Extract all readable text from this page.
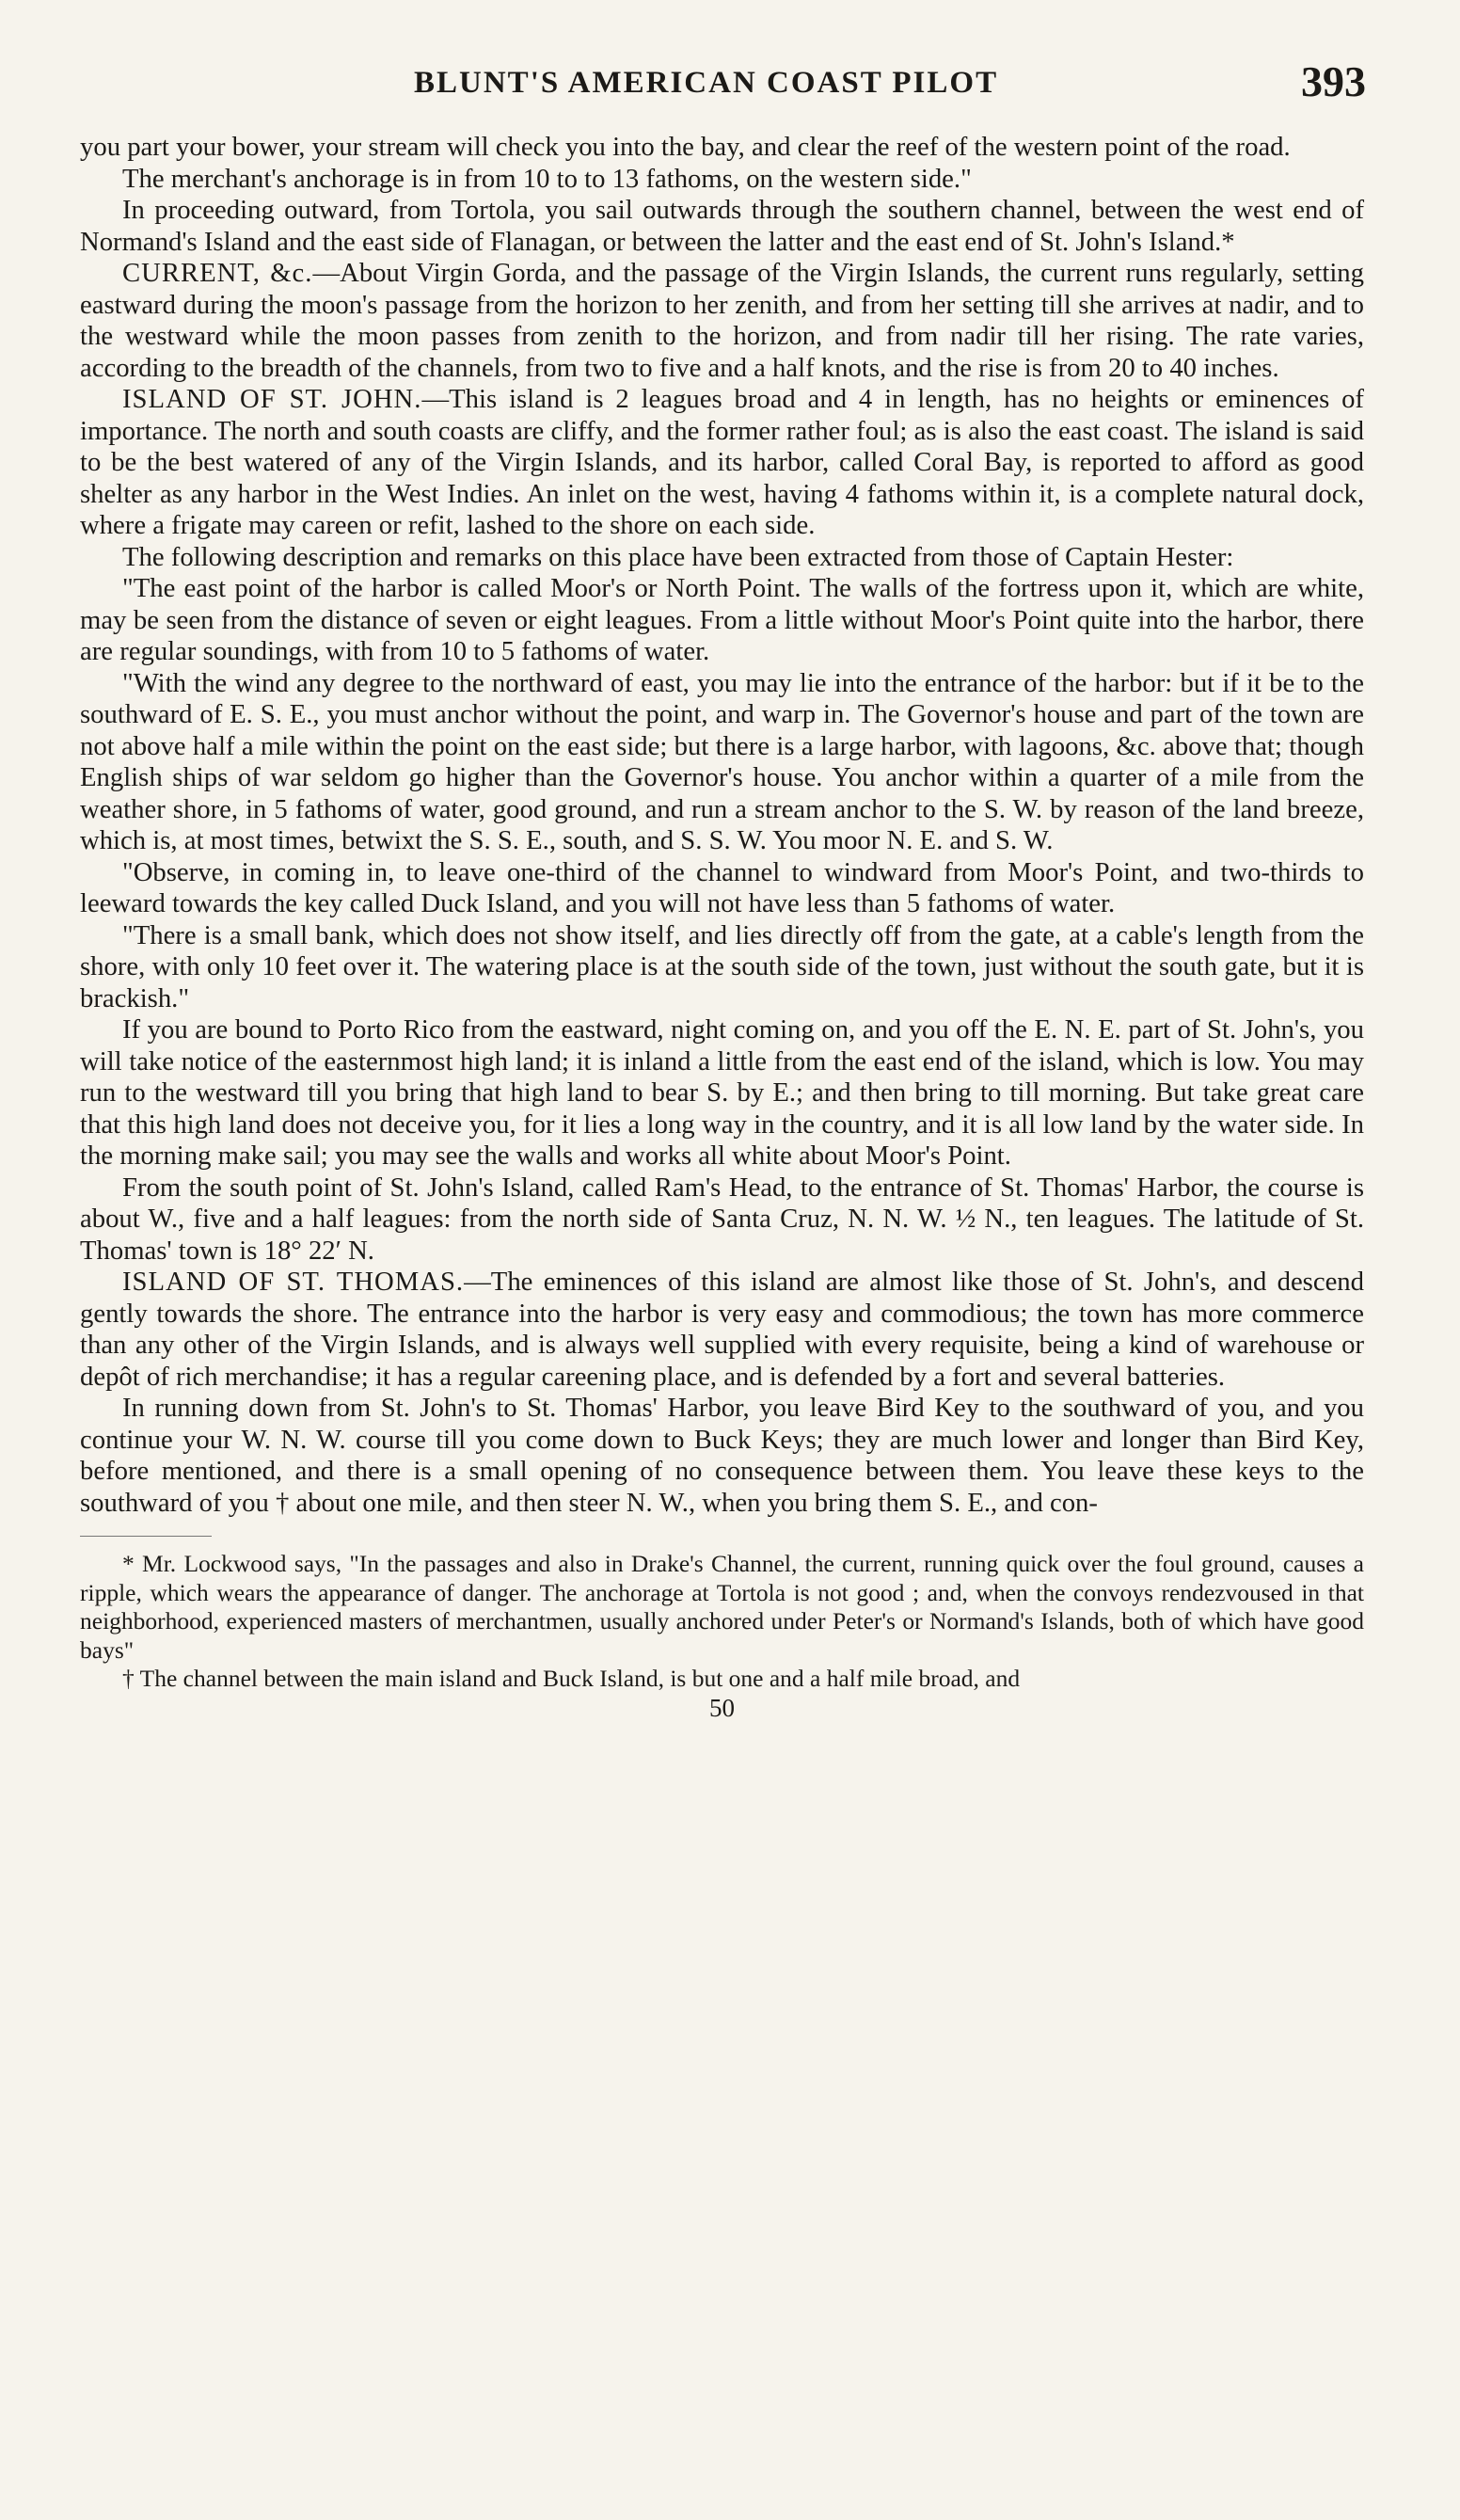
BLUNT'S AMERICAN COAST PILOT	393

you part your bower, your stream will check you into the bay, and clear the reef of the western point of the road.

The merchant's anchorage is in from 10 to to 13 fathoms, on the western side."

In proceeding outward, from Tortola, you sail outwards through the southern channel, between the west end of Normand's Island and the east side of Flanagan, or between the latter and the east end of St. John's Island.*

CURRENT, &c.—About Virgin Gorda, and the passage of the Virgin Islands, the current runs regularly, setting eastward during the moon's passage from the horizon to her zenith, and from her setting till she arrives at nadir, and to the westward while the moon passes from zenith to the horizon, and from nadir till her rising. The rate varies, according to the breadth of the channels, from two to five and a half knots, and the rise is from 20 to 40 inches.

ISLAND OF ST. JOHN.—This island is 2 leagues broad and 4 in length, has no heights or eminences of importance. The north and south coasts are cliffy, and the former rather foul; as is also the east coast. The island is said to be the best watered of any of the Virgin Islands, and its harbor, called Coral Bay, is reported to afford as good shelter as any harbor in the West Indies. An inlet on the west, having 4 fathoms within it, is a complete natural dock, where a frigate may careen or refit, lashed to the shore on each side.

The following description and remarks on this place have been extracted from those of Captain Hester:

"The east point of the harbor is called Moor's or North Point. The walls of the fortress upon it, which are white, may be seen from the distance of seven or eight leagues. From a little without Moor's Point quite into the harbor, there are regular soundings, with from 10 to 5 fathoms of water.

"With the wind any degree to the northward of east, you may lie into the entrance of the harbor: but if it be to the southward of E. S. E., you must anchor without the point, and warp in. The Governor's house and part of the town are not above half a mile within the point on the east side; but there is a large harbor, with lagoons, &c. above that; though English ships of war seldom go higher than the Governor's house. You anchor within a quarter of a mile from the weather shore, in 5 fathoms of water, good ground, and run a stream anchor to the S. W. by reason of the land breeze, which is, at most times, betwixt the S. S. E., south, and S. S. W. You moor N. E. and S. W.

"Observe, in coming in, to leave one-third of the channel to windward from Moor's Point, and two-thirds to leeward towards the key called Duck Island, and you will not have less than 5 fathoms of water.

"There is a small bank, which does not show itself, and lies directly off from the gate, at a cable's length from the shore, with only 10 feet over it. The watering place is at the south side of the town, just without the south gate, but it is brackish."

If you are bound to Porto Rico from the eastward, night coming on, and you off the E. N. E. part of St. John's, you will take notice of the easternmost high land; it is inland a little from the east end of the island, which is low. You may run to the westward till you bring that high land to bear S. by E.; and then bring to till morning. But take great care that this high land does not deceive you, for it lies a long way in the country, and it is all low land by the water side. In the morning make sail; you may see the walls and works all white about Moor's Point.

From the south point of St. John's Island, called Ram's Head, to the entrance of St. Thomas' Harbor, the course is about W., five and a half leagues: from the north side of Santa Cruz, N. N. W. ½ N., ten leagues. The latitude of St. Thomas' town is 18° 22′ N.

ISLAND OF ST. THOMAS.—The eminences of this island are almost like those of St. John's, and descend gently towards the shore. The entrance into the harbor is very easy and commodious; the town has more commerce than any other of the Virgin Islands, and is always well supplied with every requisite, being a kind of warehouse or depôt of rich merchandise; it has a regular careening place, and is defended by a fort and several batteries.

In running down from St. John's to St. Thomas' Harbor, you leave Bird Key to the southward of you, and you continue your W. N. W. course till you come down to Buck Keys; they are much lower and longer than Bird Key, before mentioned, and there is a small opening of no consequence between them. You leave these keys to the southward of you † about one mile, and then steer N. W., when you bring them S. E., and con-

* Mr. Lockwood says, "In the passages and also in Drake's Channel, the current, running quick over the foul ground, causes a ripple, which wears the appearance of danger. The anchorage at Tortola is not good ; and, when the convoys rendezvoused in that neighborhood, experienced masters of merchantmen, usually anchored under Peter's or Normand's Islands, both of which have good bays"

† The channel between the main island and Buck Island, is but one and a half mile broad, and

50
